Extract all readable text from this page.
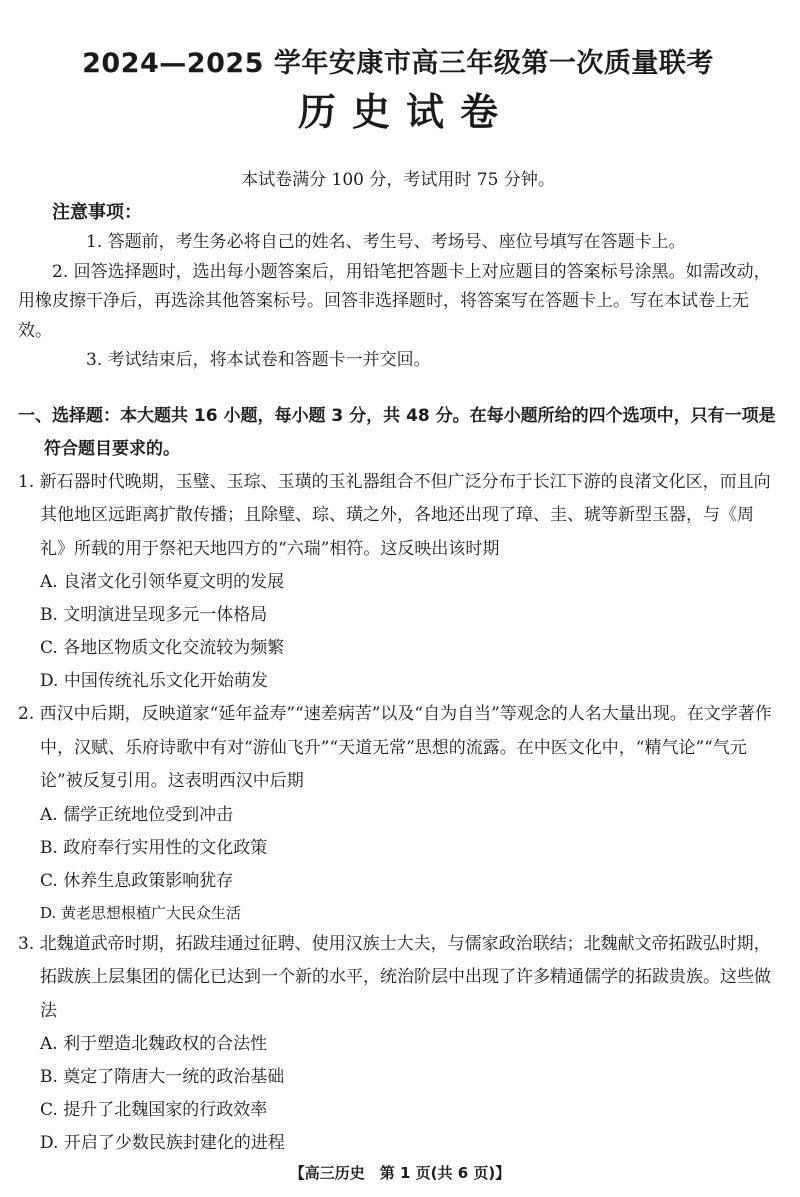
2024—2025 学年安康市高三年级第一次质量联考
历史试卷
本试卷满分 100 分，考试用时 75 分钟。
注意事项：

1. 答题前，考生务必将自己的姓名、考生号、考场号、座位号填写在答题卡上。

2. 回答选择题时，选出每小题答案后，用铅笔把答题卡上对应题目的答案标号涂黑。如需改动，用橡皮擦干净后，再选涂其他答案标号。回答非选择题时，将答案写在答题卡上。写在本试卷上无效。

3. 考试结束后，将本试卷和答题卡一并交回。

一、选择题：本大题共 16 小题，每小题 3 分，共 48 分。在每小题所给的四个选项中，只有一项是符合题目要求的。
1. 新石器时代晚期，玉璧、玉琮、玉璜的玉礼器组合不但广泛分布于长江下游的良渚文化区，而且向其他地区远距离扩散传播；且除璧、琮、璜之外，各地还出现了璋、圭、琥等新型玉器，与《周礼》所载的用于祭祀天地四方的“六瑞”相符。这反映出该时期
A. 良渚文化引领华夏文明的发展
B. 文明演进呈现多元一体格局
C. 各地区物质文化交流较为频繁
D. 中国传统礼乐文化开始萌发
2. 西汉中后期，反映道家“延年益寿”“速差病苦”以及“自为自当”等观念的人名大量出现。在文学著作中，汉赋、乐府诗歌中有对“游仙飞升”“天道无常”思想的流露。在中医文化中，“精气论”“气元论”被反复引用。这表明西汉中后期
A. 儒学正统地位受到冲击
B. 政府奉行实用性的文化政策
C. 休养生息政策影响犹存
D. 黄老思想根植广大民众生活
3. 北魏道武帝时期，拓跋珪通过征聘、使用汉族士大夫，与儒家政治联结；北魏献文帝拓跋弘时期，拓跋族上层集团的儒化已达到一个新的水平，统治阶层中出现了许多精通儒学的拓跋贵族。这些做法
A. 利于塑造北魏政权的合法性
B. 奠定了隋唐大一统的政治基础
C. 提升了北魏国家的行政效率
D. 开启了少数民族封建化的进程
【高三历史　第 1 页(共 6 页)】
